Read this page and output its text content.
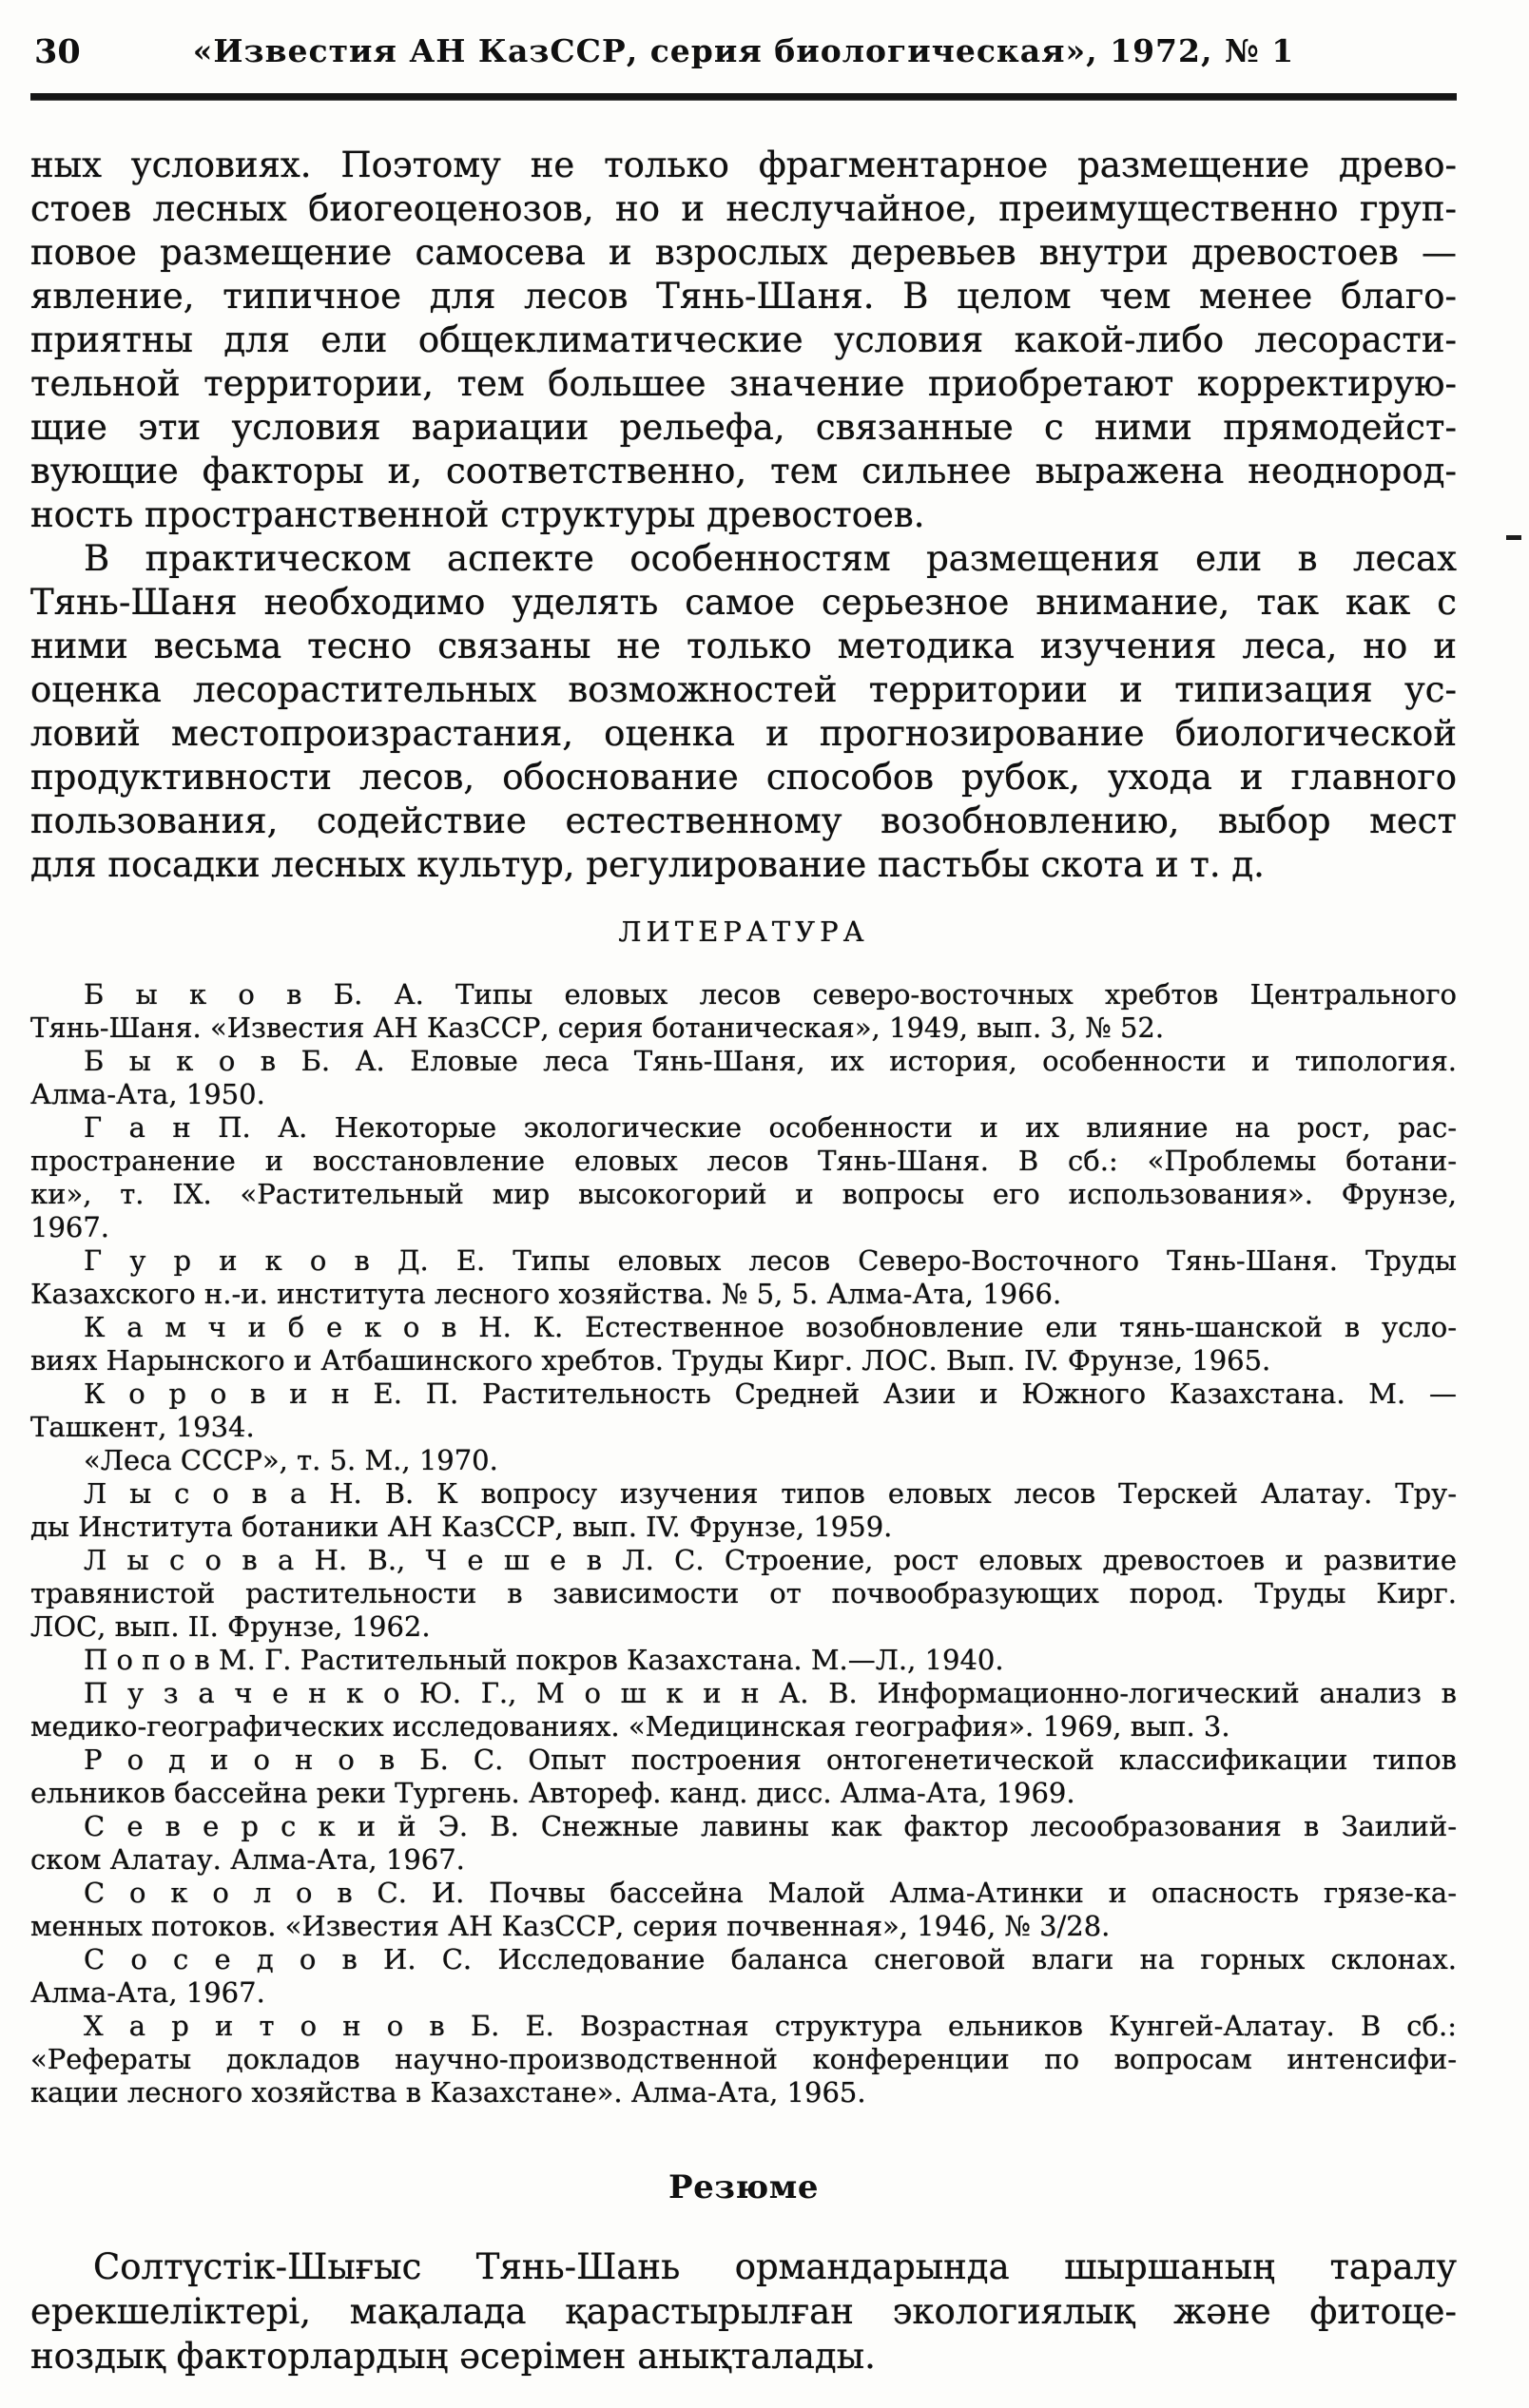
30	«Известия АН КазССР, серия биологическая», 1972, № 1
ных условиях. Поэтому не только фрагментарное размещение древо-
стоев лесных биогеоценозов, но и неслучайное, преимущественно груп-
повое размещение самосева и взрослых деревьев внутри древостоев —
явление, типичное для лесов Тянь-Шаня. В целом чем менее благо-
приятны для ели общеклиматические условия какой-либо лесорасти-
тельной территории, тем большее значение приобретают корректирую-
щие эти условия вариации рельефа, связанные с ними прямодейст-
вующие факторы и, соответственно, тем сильнее выражена неоднород-
ность пространственной структуры древостоев.
В практическом аспекте особенностям размещения ели в лесах
Тянь-Шаня необходимо уделять самое серьезное внимание, так как с
ними весьма тесно связаны не только методика изучения леса, но и
оценка лесорастительных возможностей территории и типизация ус-
ловий местопроизрастания, оценка и прогнозирование биологической
продуктивности лесов, обоснование способов рубок, ухода и главного
пользования, содействие естественному возобновлению, выбор мест
для посадки лесных культур, регулирование пастьбы скота и т. д.
ЛИТЕРАТУРА
Б ы к о в Б. А. Типы еловых лесов северо-восточных хребтов Центрального
Тянь-Шаня. «Известия АН КазССР, серия ботаническая», 1949, вып. 3, № 52.
Б ы к о в Б. А. Еловые леса Тянь-Шаня, их история, особенности и типология.
Алма-Ата, 1950.
Г а н П. А. Некоторые экологические особенности и их влияние на рост, рас-
пространение и восстановление еловых лесов Тянь-Шаня. В сб.: «Проблемы ботани-
ки», т. IX. «Растительный мир высокогорий и вопросы его использования». Фрунзе,
1967.
Г у р и к о в Д. Е. Типы еловых лесов Северо-Восточного Тянь-Шаня. Труды
Казахского н.-и. института лесного хозяйства. № 5, 5. Алма-Ата, 1966.
К а м ч и б е к о в Н. К. Естественное возобновление ели тянь-шанской в усло-
виях Нарынского и Атбашинского хребтов. Труды Кирг. ЛОС. Вып. IV. Фрунзе, 1965.
К о р о в и н Е. П. Растительность Средней Азии и Южного Казахстана. М. —
Ташкент, 1934.
«Леса СССР», т. 5. М., 1970.
Л ы с о в а Н. В. К вопросу изучения типов еловых лесов Терскей Алатау. Тру-
ды Института ботаники АН КазССР, вып. IV. Фрунзе, 1959.
Л ы с о в а Н. В., Ч е ш е в Л. С. Строение, рост еловых древостоев и развитие
травянистой растительности в зависимости от почвообразующих пород. Труды Кирг.
ЛОС, вып. II. Фрунзе, 1962.
П о п о в М. Г. Растительный покров Казахстана. М.—Л., 1940.
П у з а ч е н к о Ю. Г., М о ш к и н А. В. Информационно-логический анализ в
медико-географических исследованиях. «Медицинская география». 1969, вып. 3.
Р о д и о н о в Б. С. Опыт построения онтогенетической классификации типов
ельников бассейна реки Тургень. Автореф. канд. дисс. Алма-Ата, 1969.
С е в е р с к и й Э. В. Снежные лавины как фактор лесообразования в Заилий-
ском Алатау. Алма-Ата, 1967.
С о к о л о в С. И. Почвы бассейна Малой Алма-Атинки и опасность грязе-ка-
менных потоков. «Известия АН КазССР, серия почвенная», 1946, № 3/28.
С о с е д о в И. С. Исследование баланса снеговой влаги на горных склонах.
Алма-Ата, 1967.
Х а р и т о н о в Б. Е. Возрастная структура ельников Кунгей-Алатау. В сб.:
«Рефераты докладов научно-производственной конференции по вопросам интенсифи-
кации лесного хозяйства в Казахстане». Алма-Ата, 1965.
Резюме
Солтүстік-Шығыс Тянь-Шань ормандарында шыршаның таралу
ерекшеліктері, мақалада қарастырылған экологиялық және фитоце-
ноздық факторлардың әсерімен анықталады.
